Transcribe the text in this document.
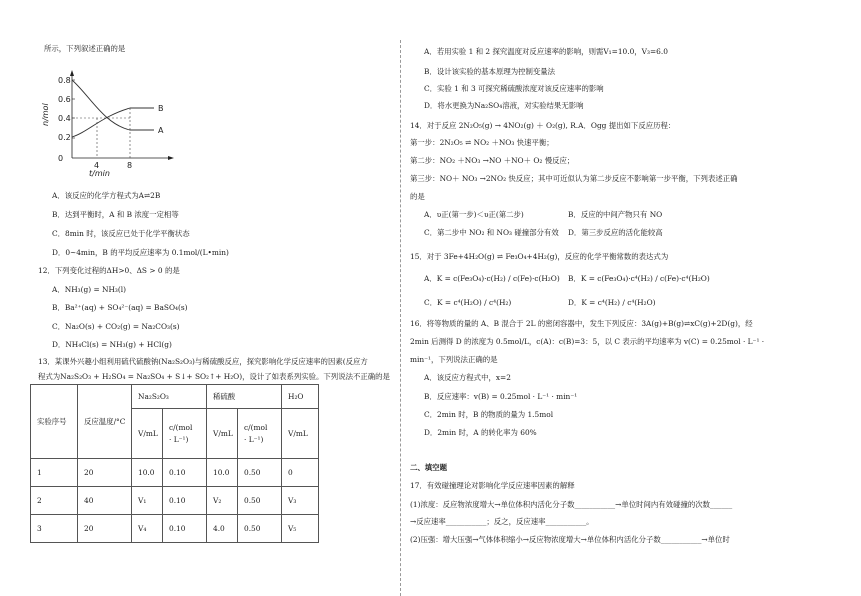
所示，下列叙述正确的是
0.8
0.6
0.4
0.2
0
n/mol	B
A
4	8
t/min
A．该反应的化学方程式为A⇌2B
B．达到平衡时，A 和 B 浓度一定相等
C．8min 时，该反应已处于化学平衡状态
D．0~4min，B 的平均反应速率为 0.1mol/(L•min)
12．下列变化过程的ΔH>0、ΔS > 0 的是
A．NH₃(g) = NH₃(l)
B．Ba²⁺(aq) + SO₄²⁻(aq) = BaSO₄(s)
C．Na₂O(s) + CO₂(g) = Na₂CO₃(s)
D．NH₄Cl(s) = NH₃(g) + HCl(g)
13．某课外兴趣小组利用硫代硫酸钠(Na₂S₂O₃)与稀硫酸反应，探究影响化学反应速率的因素(反应方
程式为Na₂S₂O₃ + H₂SO₄ = Na₂SO₄ + S↓+ SO₂↑+ H₂O)，设计了如表系列实验。下列说法不正确的是
实验序号	反应温度/°C	Na₂S₂O₃		稀硫酸		H₂O
		V/mL	c/(mol
· L⁻¹)	V/mL	c/(mol
· L⁻¹)	V/mL
1	20	10.0	0.10	10.0	0.50	0
2	40	V₁	0.10	V₂	0.50	V₃
3	20	V₄	0.10	4.0	0.50	V₅
A．若用实验 1 和 2 探究温度对反应速率的影响，则需V₁=10.0，V₃=6.0
B．设计该实验的基本原理为控制变量法
C．实验 1 和 3 可探究稀硫酸浓度对该反应速率的影响
D．将水更换为Na₂SO₄溶液，对实验结果无影响
14．对于反应 2N₂O₅(g) → 4NO₂(g) ＋ O₂(g), R.A．Ogg 提出如下反应历程：
第一步：2N₂O₅ ⇌ NO₂ ＋NO₃ 快速平衡；
第二步：NO₂ ＋NO₃ →NO ＋NO＋ O₂ 慢反应；
第三步：NO＋ NO₃ →2NO₂ 快反应；其中可近似认为第二步反应不影响第一步平衡，下列表述正确
的是
A．υ正(第一步)＜υ正(第二步)	B．反应的中间产物只有 NO
C．第二步中 NO₂ 和 NO₃ 碰撞部分有效 D．第三步反应的活化能较高
15．对于 3Fe+4H₂O(g) ⇌ Fe₃O₄+4H₂(g)，反应的化学平衡常数的表达式为
A．K = c(Fe₃O₄)·c(H₂) / c(Fe)·c(H₂O) B．K = c(Fe₃O₄)·c⁴(H₂) / c(Fe)·c⁴(H₂O)
C．K = c⁴(H₂O) / c⁴(H₂)	D．K = c⁴(H₂) / c⁴(H₂O)
16．将等物质的量的 A、B 混合于 2L 的密闭容器中，发生下列反应：3A(g)+B(g)⇌xC(g)+2D(g)，经
2min 后测得 D 的浓度为 0.5mol/L，c(A)：c(B)=3：5，以 C 表示的平均速率为 v(C) = 0.25mol · L⁻¹ ·
min⁻¹，下列说法正确的是
A．该反应方程式中，x=2
B．反应速率：v(B) = 0.25mol · L⁻¹ · min⁻¹
C．2min 时，B 的物质的量为 1.5mol
D．2min 时，A 的转化率为 60%
二、填空题
17．有效碰撞理论对影响化学反应速率因素的解释
(1)浓度：反应物浓度增大→单位体积内活化分子数___________→单位时间内有效碰撞的次数______
→反应速率___________；反之，反应速率___________。
(2)压强：增大压强→气体体积缩小→反应物浓度增大→单位体积内活化分子数___________→单位时
